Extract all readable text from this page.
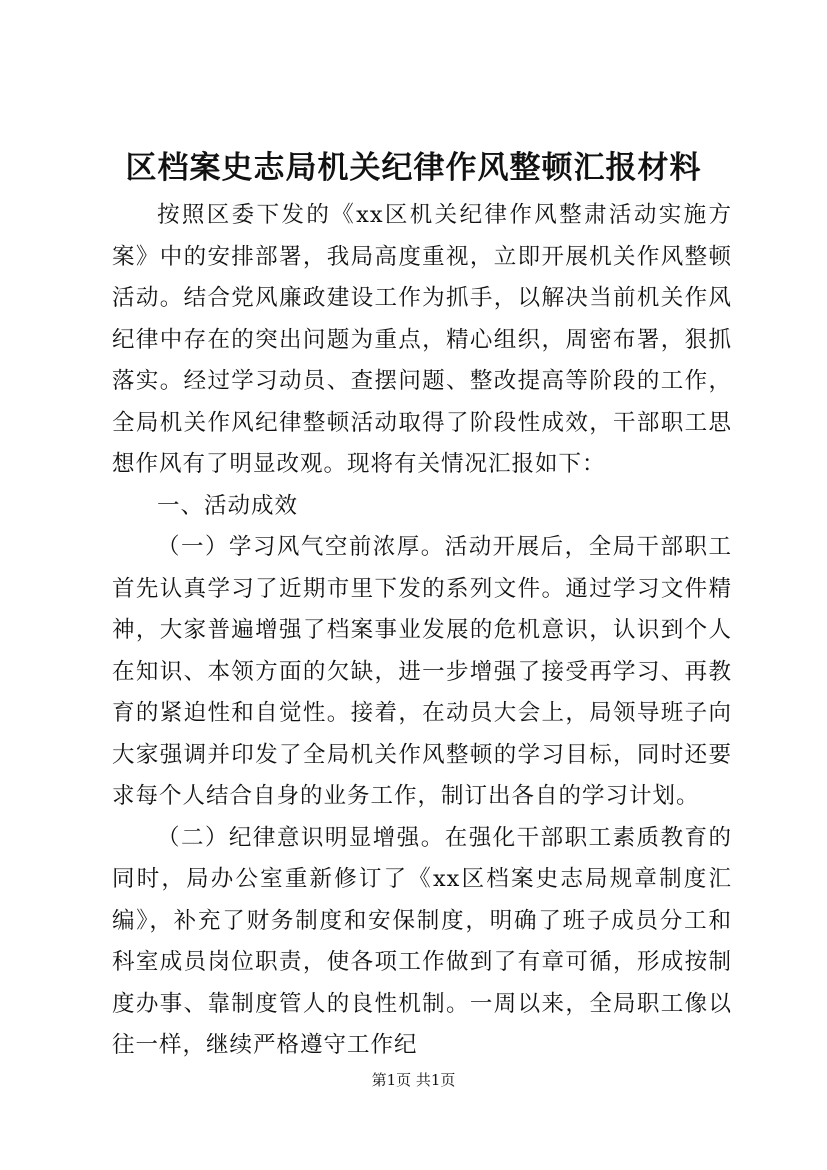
区档案史志局机关纪律作风整顿汇报材料

按照区委下发的《xx区机关纪律作风整肃活动实施方案》中的安排部署，我局高度重视，立即开展机关作风整顿活动。结合党风廉政建设工作为抓手，以解决当前机关作风纪律中存在的突出问题为重点，精心组织，周密布署，狠抓落实。经过学习动员、查摆问题、整改提高等阶段的工作，全局机关作风纪律整顿活动取得了阶段性成效，干部职工思想作风有了明显改观。现将有关情况汇报如下：

一、活动成效

（一）学习风气空前浓厚。活动开展后，全局干部职工首先认真学习了近期市里下发的系列文件。通过学习文件精神，大家普遍增强了档案事业发展的危机意识，认识到个人在知识、本领方面的欠缺，进一步增强了接受再学习、再教育的紧迫性和自觉性。接着，在动员大会上，局领导班子向大家强调并印发了全局机关作风整顿的学习目标，同时还要求每个人结合自身的业务工作，制订出各自的学习计划。

（二）纪律意识明显增强。在强化干部职工素质教育的同时，局办公室重新修订了《xx区档案史志局规章制度汇编》，补充了财务制度和安保制度，明确了班子成员分工和科室成员岗位职责，使各项工作做到了有章可循，形成按制度办事、靠制度管人的良性机制。一周以来，全局职工像以往一样，继续严格遵守工作纪

第1页 共1页
